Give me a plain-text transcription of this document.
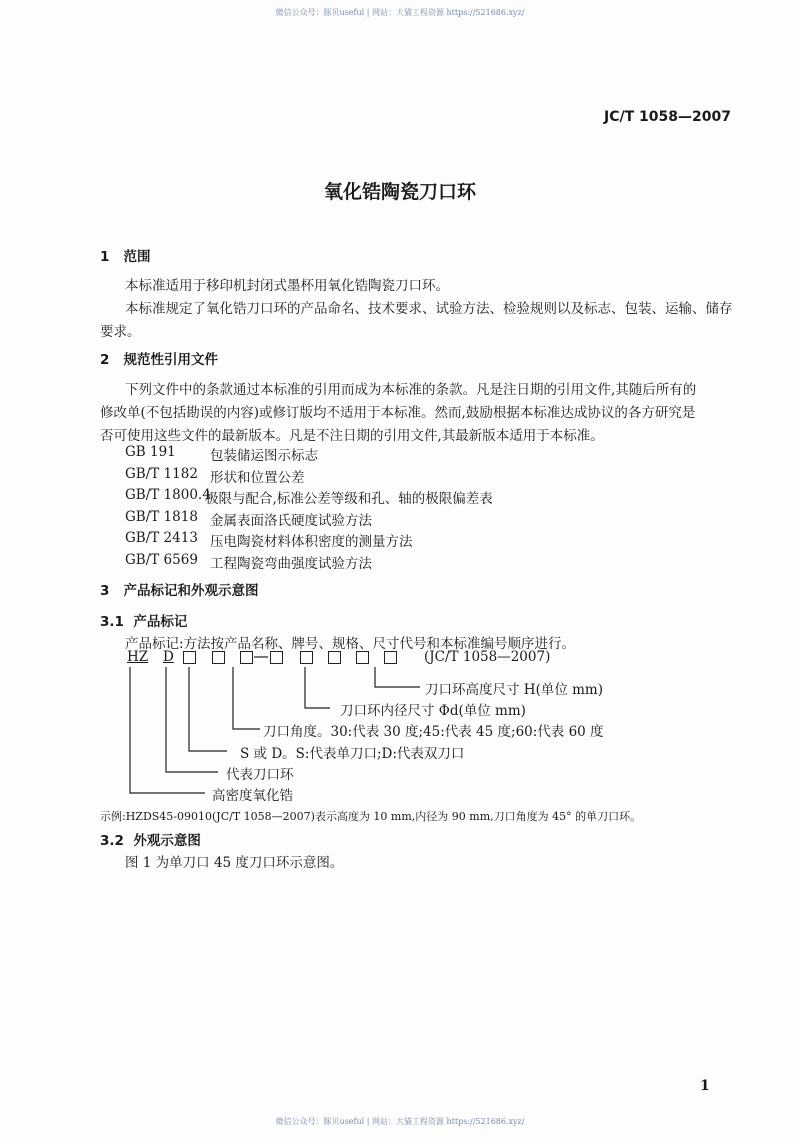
微信公众号：豚贝useful | 网站：大猫工程资源 https://521686.xyz/
JC/T 1058—2007
氧化锆陶瓷刀口环
1 范围
本标准适用于移印机封闭式墨杯用氧化锆陶瓷刀口环。
本标准规定了氧化锆刀口环的产品命名、技术要求、试验方法、检验规则以及标志、包装、运输、储存
要求。
2 规范性引用文件
下列文件中的条款通过本标准的引用而成为本标准的条款。凡是注日期的引用文件,其随后所有的
修改单(不包括勘误的内容)或修订版均不适用于本标准。然而,鼓励根据本标准达成协议的各方研究是
否可使用这些文件的最新版本。凡是不注日期的引用文件,其最新版本适用于本标准。
GB 191	包装储运图示标志
GB/T 1182 形状和位置公差
GB/T 1800.4
极限与配合,标准公差等级和孔、轴的极限偏差表
GB/T 1818 金属表面洛氏硬度试验方法
GB/T 2413 压电陶瓷材料体积密度的测量方法
GB/T 6569 工程陶瓷弯曲强度试验方法
3 产品标记和外观示意图
3.1 产品标记
产品标记:方法按产品名称、牌号、规格、尺寸代号和本标准编号顺序进行。
HZ D	(JC/T 1058—2007)
刀口环高度尺寸 H(单位 mm)
刀口环内径尺寸 Φd(单位 mm)
刀口角度。30:代表 30 度;45:代表 45 度;60:代表 60 度
S 或 D。S:代表单刀口;D:代表双刀口
代表刀口环
高密度氧化锆
示例:HZDS45-09010(JC/T 1058—2007)表示高度为 10 mm,内径为 90 mm,刀口角度为 45° 的单刀口环。
3.2 外观示意图
图 1 为单刀口 45 度刀口环示意图。
1
微信公众号：豚贝useful | 网站：大猫工程资源 https://521686.xyz/
